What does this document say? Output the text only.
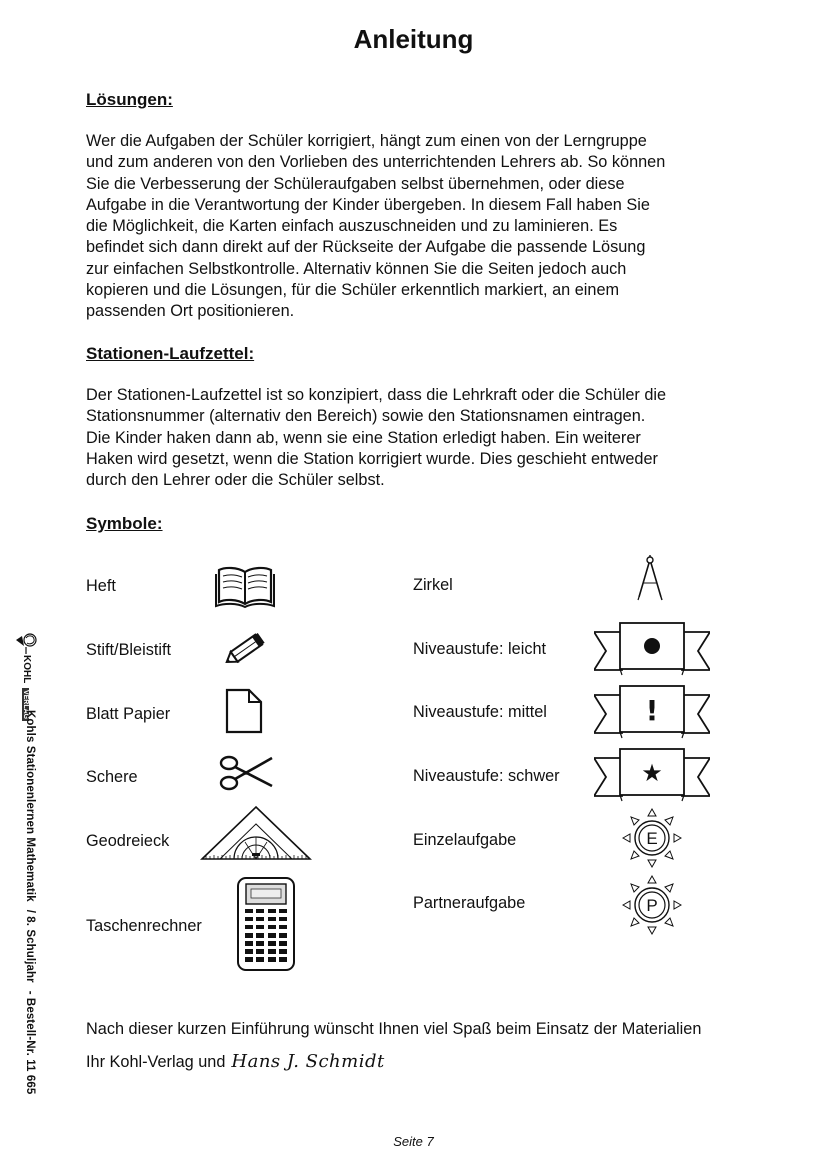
Anleitung
Lösungen:

Wer die Aufgaben der Schüler korrigiert, hängt zum einen von der Lerngruppe
und zum anderen von den Vorlieben des unterrichtenden Lehrers ab. So können
Sie die Verbesserung der Schüleraufgaben selbst übernehmen, oder diese
Aufgabe in die Verantwortung der Kinder übergeben. In diesem Fall haben Sie
die Möglichkeit, die Karten einfach auszuschneiden und zu laminieren. Es
befindet sich dann direkt auf der Rückseite der Aufgabe die passende Lösung
zur einfachen Selbstkontrolle. Alternativ können Sie die Seiten jedoch auch
kopieren und die Lösungen, für die Schüler erkenntlich markiert, an einem
passenden Ort positionieren.

Stationen-Laufzettel:

Der Stationen-Laufzettel ist so konzipiert, dass die Lehrkraft oder die Schüler die
Stationsnummer (alternativ den Bereich) sowie den Stationsnamen eintragen.
Die Kinder haken dann ab, wenn sie eine Station erledigt haben. Ein weiterer
Haken wird gesetzt, wenn die Station korrigiert wurde. Dies geschieht entweder
durch den Lehrer oder die Schüler selbst.

Symbole:
Heft
Stift/Bleistift
Blatt Papier
Schere
Geodreieck
Taschenrechner
Zirkel
Niveaustufe: leicht
Niveaustufe: mittel
Niveaustufe: schwer
Einzelaufgabe
Partneraufgabe
!
★
E
P
Nach dieser kurzen Einführung wünscht Ihnen viel Spaß beim Einsatz der Materialien
Ihr Kohl-Verlag und Hans J. Schmidt
KOHL VERLAG
Kohls Stationenlernen Mathematik/ 8. Schuljahr- Bestell-Nr. 11 665
Seite 7
